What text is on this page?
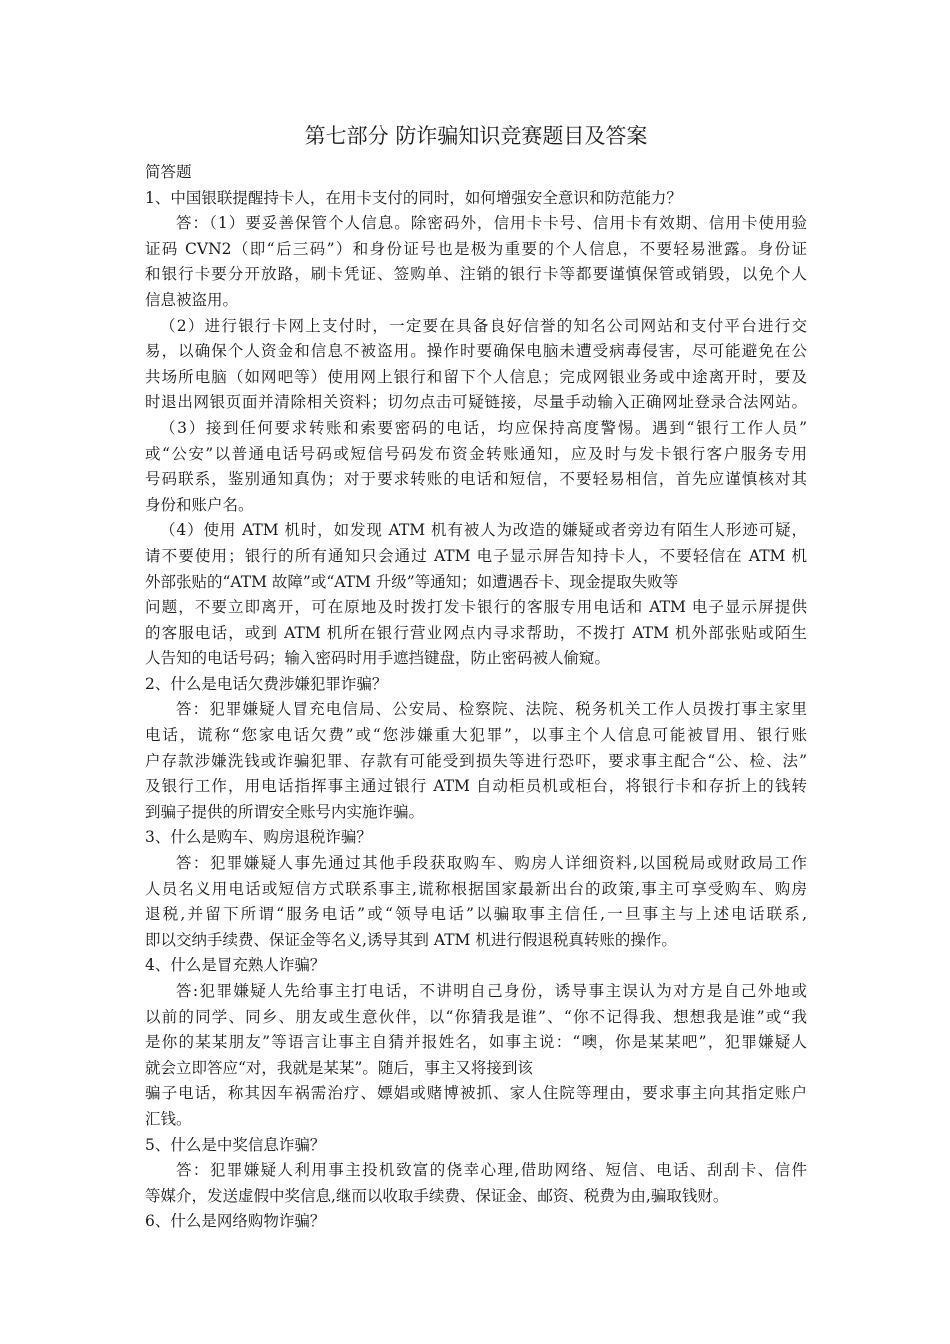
第七部分 防诈骗知识竞赛题目及答案

简答题

1、中国银联提醒持卡人，在用卡支付的同时，如何增强安全意识和防范能力？

答：（1）要妥善保管个人信息。除密码外，信用卡卡号、信用卡有效期、信用卡使用验

证码 CVN2（即“后三码”）和身份证号也是极为重要的个人信息，不要轻易泄露。身份证

和银行卡要分开放路，刷卡凭证、签购单、注销的银行卡等都要谨慎保管或销毁，以免个人

信息被盗用。

（2）进行银行卡网上支付时，一定要在具备良好信誉的知名公司网站和支付平台进行交

易，以确保个人资金和信息不被盗用。操作时要确保电脑未遭受病毒侵害，尽可能避免在公

共场所电脑（如网吧等）使用网上银行和留下个人信息；完成网银业务或中途离开时，要及

时退出网银页面并清除相关资料；切勿点击可疑链接，尽量手动输入正确网址登录合法网站。

（3）接到任何要求转账和索要密码的电话，均应保持高度警惕。遇到“银行工作人员”

或“公安”以普通电话号码或短信号码发布资金转账通知，应及时与发卡银行客户服务专用

号码联系，鉴别通知真伪；对于要求转账的电话和短信，不要轻易相信，首先应谨慎核对其

身份和账户名。

（4）使用 ATM 机时，如发现 ATM 机有被人为改造的嫌疑或者旁边有陌生人形迹可疑，

请不要使用；银行的所有通知只会通过 ATM 电子显示屏告知持卡人，不要轻信在 ATM 机

外部张贴的“ATM 故障”或“ATM 升级”等通知；如遭遇吞卡、现金提取失败等

问题，不要立即离开，可在原地及时拨打发卡银行的客服专用电话和 ATM 电子显示屏提供

的客服电话，或到 ATM 机所在银行营业网点内寻求帮助，不拨打 ATM 机外部张贴或陌生

人告知的电话号码；输入密码时用手遮挡键盘，防止密码被人偷窥。

2、什么是电话欠费涉嫌犯罪诈骗？

答：犯罪嫌疑人冒充电信局、公安局、检察院、法院、税务机关工作人员拨打事主家里

电话，谎称“您家电话欠费”或“您涉嫌重大犯罪”，以事主个人信息可能被冒用、银行账

户存款涉嫌洗钱或诈骗犯罪、存款有可能受到损失等进行恐吓，要求事主配合“公、检、法”

及银行工作，用电话指挥事主通过银行 ATM 自动柜员机或柜台，将银行卡和存折上的钱转

到骗子提供的所谓安全账号内实施诈骗。

3、什么是购车、购房退税诈骗？

答：犯罪嫌疑人事先通过其他手段获取购车、购房人详细资料,以国税局或财政局工作

人员名义用电话或短信方式联系事主,谎称根据国家最新出台的政策,事主可享受购车、购房

退税,并留下所谓“服务电话”或“领导电话”以骗取事主信任,一旦事主与上述电话联系,

即以交纳手续费、保证金等名义,诱导其到 ATM 机进行假退税真转账的操作。

4、什么是冒充熟人诈骗？

答:犯罪嫌疑人先给事主打电话，不讲明自己身份，诱导事主误认为对方是自己外地或

以前的同学、同乡、朋友或生意伙伴，以“你猜我是谁”、“你不记得我、想想我是谁”或“我

是你的某某朋友”等语言让事主自猜并报姓名，如事主说：“噢，你是某某吧”，犯罪嫌疑人

就会立即答应“对，我就是某某”。随后，事主又将接到该

骗子电话，称其因车祸需治疗、嫖娼或赌博被抓、家人住院等理由，要求事主向其指定账户

汇钱。

5、什么是中奖信息诈骗？

答：犯罪嫌疑人利用事主投机致富的侥幸心理,借助网络、短信、电话、刮刮卡、信件

等媒介，发送虚假中奖信息,继而以收取手续费、保证金、邮资、税费为由,骗取钱财。

6、什么是网络购物诈骗？
